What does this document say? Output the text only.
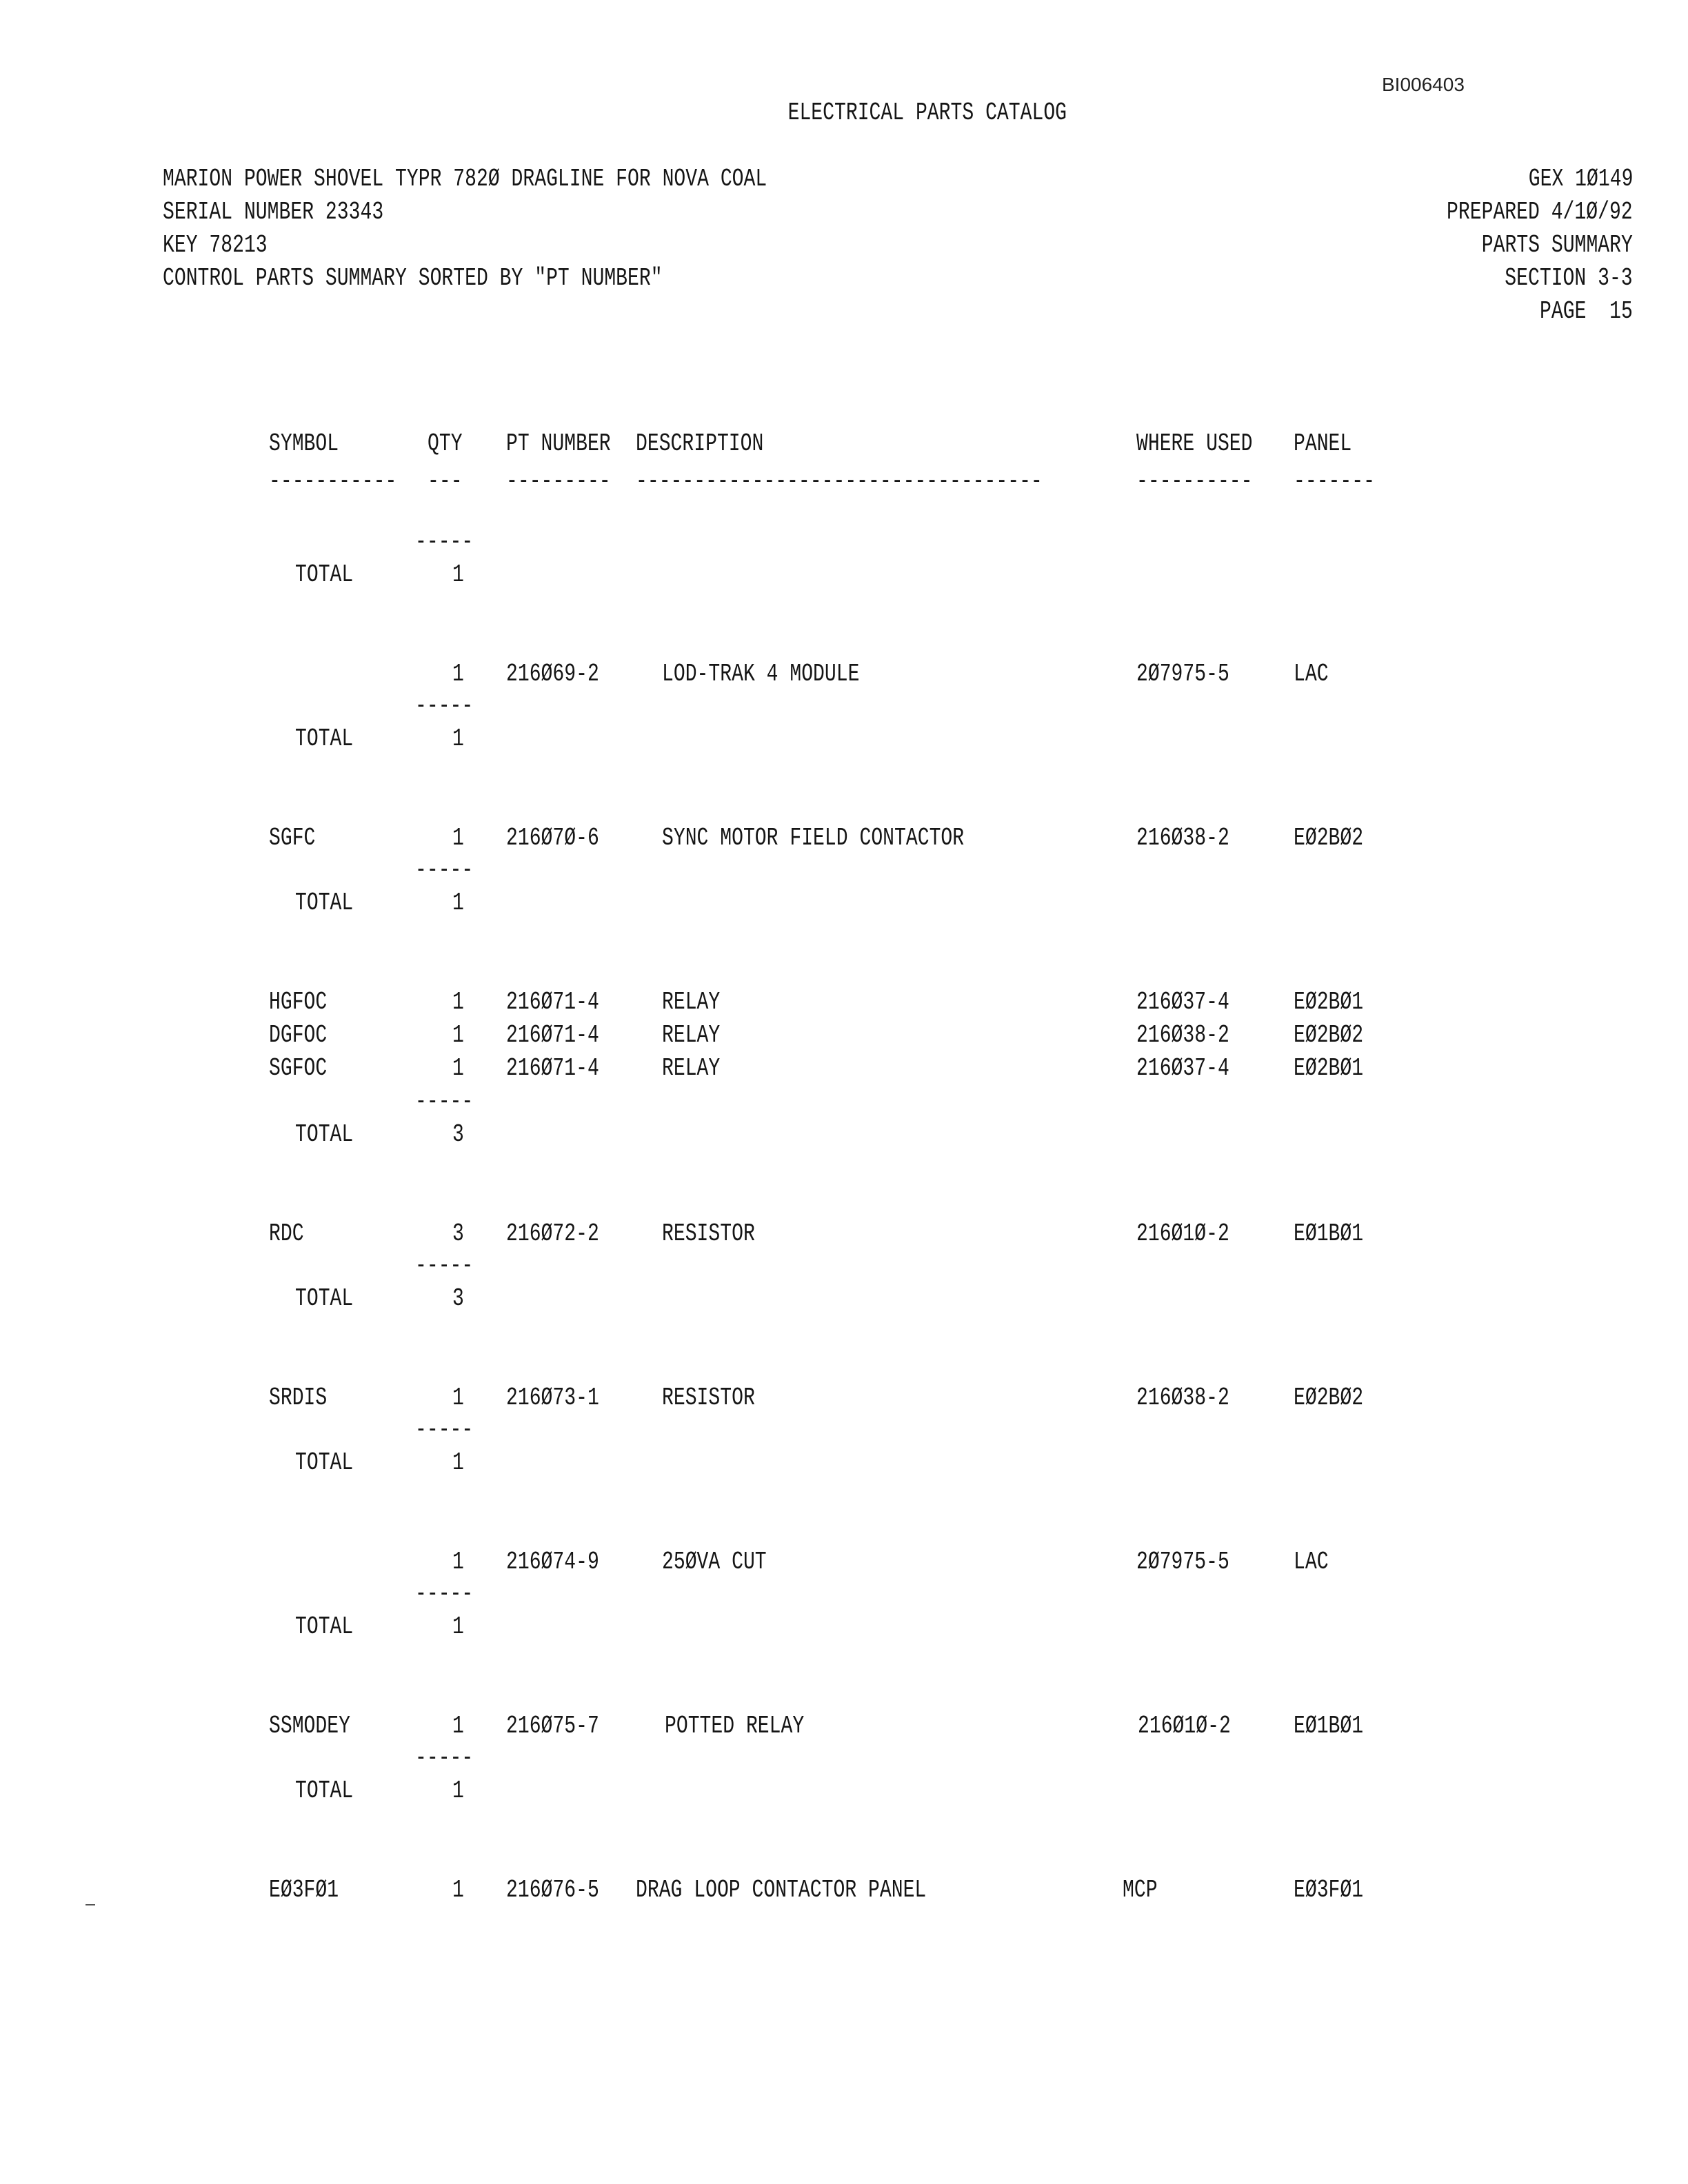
BI006403
ELECTRICAL PARTS CATALOG
MARION POWER SHOVEL TYPR 782Ø DRAGLINE FOR NOVA COAL
SERIAL NUMBER 23343
KEY 78213
CONTROL PARTS SUMMARY SORTED BY "PT NUMBER"
GEX 1Ø149
PREPARED 4/1Ø/92
PARTS SUMMARY
SECTION 3-3
PAGE  15
SYMBOL	QTY PT NUMBER DESCRIPTION	WHERE USED PANEL
----------- --- --------- -----------------------------------	---------- -------
-----
TOTAL	1
1 216Ø69-2	LOD-TRAK 4 MODULE	2Ø7975-5	LAC
-----
TOTAL	1
SGFC	1 216Ø7Ø-6	SYNC MOTOR FIELD CONTACTOR	216Ø38-2	EØ2BØ2
-----
TOTAL	1
HGFOC	1 216Ø71-4	RELAY	216Ø37-4	EØ2BØ1
DGFOC	1 216Ø71-4	RELAY	216Ø38-2	EØ2BØ2
SGFOC	1 216Ø71-4	RELAY	216Ø37-4	EØ2BØ1
-----
TOTAL	3
RDC	3 216Ø72-2	RESISTOR	216Ø1Ø-2	EØ1BØ1
-----
TOTAL	3
SRDIS	1 216Ø73-1	RESISTOR	216Ø38-2	EØ2BØ2
-----
TOTAL	1
1 216Ø74-9	25ØVA CUT	2Ø7975-5	LAC
-----
TOTAL	1
SSMODEY	1 216Ø75-7	POTTED RELAY	216Ø1Ø-2	EØ1BØ1
-----
TOTAL	1
EØ3FØ1	1 216Ø76-5 DRAG LOOP CONTACTOR PANEL	MCP	EØ3FØ1
